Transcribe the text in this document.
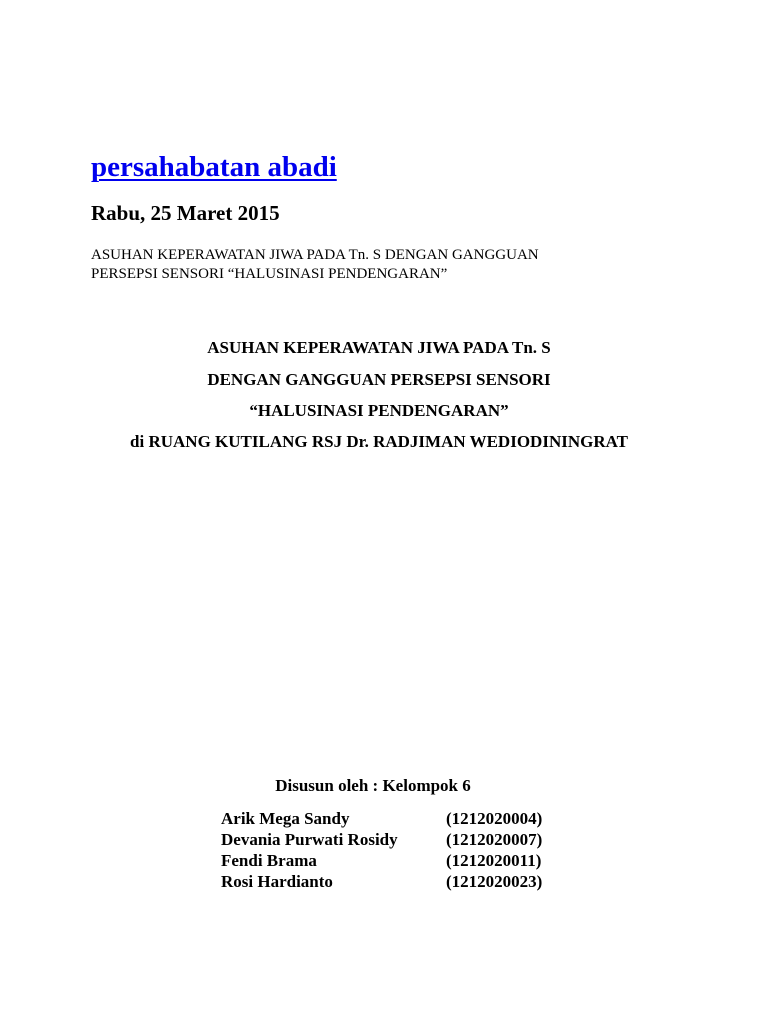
persahabatan abadi
Rabu, 25 Maret 2015
ASUHAN KEPERAWATAN JIWA PADA Tn. S DENGAN GANGGUAN
PERSEPSI SENSORI “HALUSINASI PENDENGARAN”
ASUHAN KEPERAWATAN JIWA PADA Tn. S
DENGAN GANGGUAN PERSEPSI SENSORI
“HALUSINASI PENDENGARAN”
di RUANG KUTILANG RSJ Dr. RADJIMAN WEDIODININGRAT
Disusun oleh : Kelompok 6
Arik Mega Sandy	(1212020004)
Devania Purwati Rosidy	(1212020007)
Fendi Brama	(1212020011)
Rosi Hardianto	(1212020023)
